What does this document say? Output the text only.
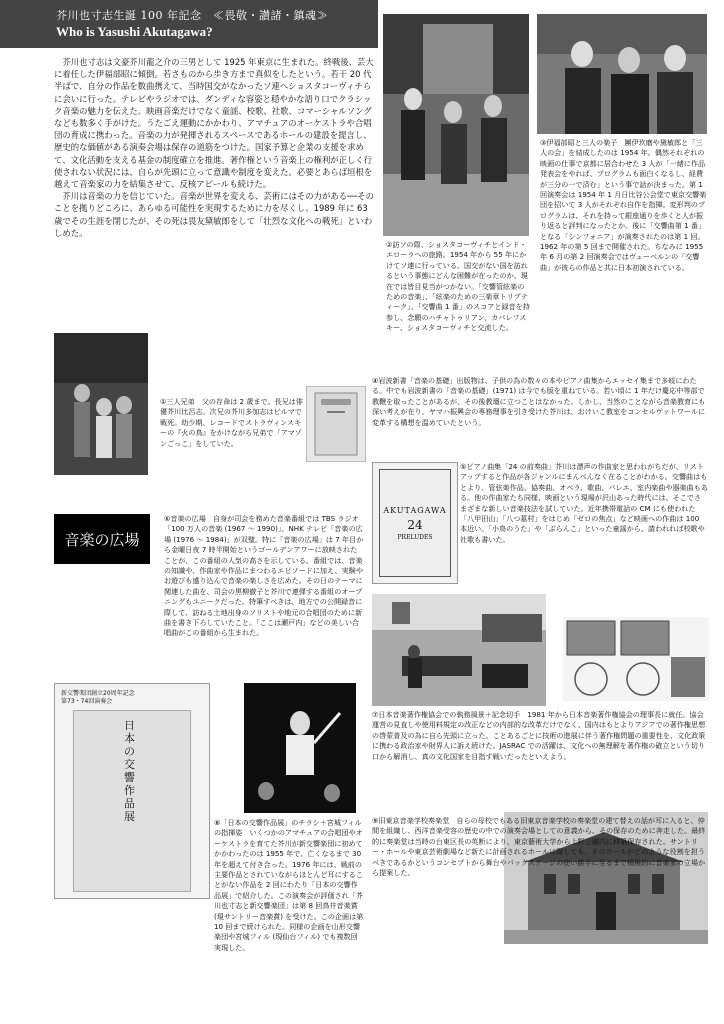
芥川也寸志生誕 100 年記念　≪畏敬・讃諸・鎮魂≫
Who is Yasushi Akutagawa?

芥川也寸志は文豪芥川龍之介の三男として 1925 年東京に生まれた。終戦後、芸大に着任した伊福部昭に傾倒。若さものから歩き方まで真似をしたという。若干 20 代半ばで、自分の作品を数曲携えて、当時国交がなかったソ連へショスタコーヴィチらに会いに行った。テレビやラジオでは、ダンディな容姿と穏やかな語り口でクラシック音楽の魅力を伝えた。映画音楽だけでなく童謡、校歌、社歌、コマーシャルソングなども数多く手がけた。うたごえ運動にかかわり、アマチュアのオーケストラや合唱団の育成に携わった。音楽の力が発揮されるスペースであるホールの建設を提言し、歴史的な価値がある演奏会場は保存の道筋をつけた。国家予算と企業の支援を求めて、文化活動を支える基金の制度確立を推進。著作権という音楽上の権利が正しく行使されない状況には、自らが先頭に立って意識や制度を変えた。必要とあらば垣根を越えて音楽家の力を結集させて、反核アピールも続けた。

芥川は音楽の力を信じていた。音楽が世界を変える、芸術にはその力がある──そのことを拠りどころに、あらゆる可能性を実現するために力を尽くし、1989 年に 63 歳でその生涯を閉じたが、その死は畏友黛敏郎をして「壮烈な文化への戦死」といわしめた。

②訪ソの際、ショスタコーヴィチとインド・エローラへの旅路。1954 年から 55 年にかけてソ連に行っている。国交がない国を訪れるという事態にどんな困難が在ったのか、現在では皆目見当がつかない。「交響管絃楽のための音楽」、「絃楽のための三楽章トリプティーク」、「交響曲 1 番」のスコアと録音を持参し、念願のハチャトゥリアン、カバレフスキー、ショスタコーヴィチと交流した。

③伊福部昭と三人の楽子　團伊玖磨や黛敏郎と「三人の会」を結成したのは 1954 年。偶然それぞれの映画の仕事で京都に居合わせた 3 人が「一緒に作品発表会をやれば、プログラムも面白くなるし、経費が三分の一で済む」という事で話が決まった。第 1 回演奏会は 1954 年 1 月日比谷公会堂で東京交響楽団を招いて 3 人がそれぞれ自作を指揮。変形判のプログラムは、それを持って銀座通りを歩くと人が振り返ると評判になったとか。後に「交響曲第 1 番」となる「シンフォニア」が演奏されたのは第 1 回。1962 年の第 5 回まで開催された。ちなみに 1955 年 6 月の第 2 回演奏会ではヴェーベルンの「交響曲」が彼らの作品と共に日本初演されている。

①三人兄弟　父の存命は 2 歳まで。長兄は俳優芥川比呂志。次兄の芥川多加志はビルマで戦死。幼少期、レコードでストラヴィンスキーの『火の鳥』をかけながら兄弟で「アマゾンごっこ」をしていた。

④岩波新書「音楽の基礎」出版物は、子供の為の数々の本やピアノ曲集からエッセイ集まで多岐にわたる。中でも岩波新書の「音楽の基礎」(1971) は今でも版を重ねている。若い頃に 1 年だけ慶応中等部で教鞭を取ったことがあるが、その後教壇に立つことはなかった。しかし、当然のことながら音楽教育にも深い考えが在り、ヤマハ振興会の専務理事を引き受けた芥川は、おけいこ教室をコンセルヴァトワールに変革する構想を温めていたという。

AKUTAGAWA
24
PRELUDES

⑤ピアノ曲集「24 の前奏曲」芥川は漂声の作曲家と思われがちだが、リストアップすると作品が各ジャンルにまんべんなく在ることがわかる。交響曲はもとより、管弦楽作品、協奏曲、オペラ、歌曲、バレエ、室内楽曲や器楽曲もある。他の作曲家たち同様、映画という現場が沢山あった時代には、そこでさまざまな新しい音楽技法を試していた。近年携帯電話の CM にも使われた「八甲田山」「八つ墓村」をはじめ「ゼロの焦点」など映画への作曲は 100 本近い。「小鳥のうた」や「ぶらんこ」といった童謡から、請われれば校歌や社歌も書いた。

音楽の広場

⑥音楽の広場　自身が司会を務めた音楽番組では TBS ラジオ「100 万人の音楽 (1967 ～ 1990)」、NHK テレビ「音楽の広場 (1976 ～ 1984)」が双璧。特に「音楽の広場」は 7 年目から金曜日夜 7 時半開始というゴールデンアワーに放映されたことが、この番組の人気の高さを示している。番組では、音楽の知識や、作曲家や作品にまつわるエピソードに加え、実験やお遊びも盛り込んで音楽の楽しさを広めた。その日のテーマに関連した曲を、司会の黒柳徹子と芥川で連弾する番組のオープニングもユニークだった。特筆すべきは、地方での公開録音に際して、訪ねる土地出身のソリストや地元の合唱団のために新曲を書き下ろしていたこと。「ここは瀬戸内」などの美しい合唱曲がこの番組から生まれた。

⑦日本音楽著作権協会での執務風景＋記念切手　1981 年から日本音楽著作権協会の理事長に就任。協会運営の見直しや使用料規定の改正などの内部的な改革だけでなく、国内はもとよりアジアでの著作権思想の啓蒙普及の為に自ら先頭に立った。ことあるごとに技術の進展に伴う著作権問題の重要性を、文化政策に携わる政治家や財界人に訴え続けた。JASRAC での活躍は、文化への無理解を著作権の確立という切り口から解消し、真の文化国家を目指す戦いだったといえよう。

新交響楽団創立20周年記念
第73・74回演奏会
日本の交響作品展	⑧「日本の交響作品展」のチラシ＋宮城フィルの指揮姿　いくつかのアマチュアの合唱団やオーケストラを育てた芥川が新交響楽団に初めてかかわったのは 1955 年で、亡くなるまで 30 年を超えて付き合った。1976 年には、戦前の主要作品とされていながらほとんど耳にすることがない作品を 2 回にわたり「日本の交響作品展」で紹介した。この演奏会が評価され「芥川也寸志と新交響楽団」は第 8 回鳥井音楽賞 (現サントリー音楽賞) を受けた。この企画は第 10 回まで続けられた。同様の企画を山形交響楽団や宮城フィル (現仙台フィル) でも複数回実現した。

⑨旧東京音楽学校奏楽堂　自らの母校でもある旧東京音楽学校の奏楽堂の建て替えの話が耳に入ると、仲間を組織し、西洋音楽受容の歴史の中での演奏会場としての意義から、その保存のために奔走した。最終的に奏楽堂は当時の台東区長の英断により、東京藝術大学から上野公園内に移築保存された。サントリー・ホールや東京芸術劇場など新たに計画されるホールに際しても、そのホールがどのような役割を担うべきであるかというコンセプトから舞台やバックステージの使い勝手に至るまで積極的に音楽家の立場から提案した。
